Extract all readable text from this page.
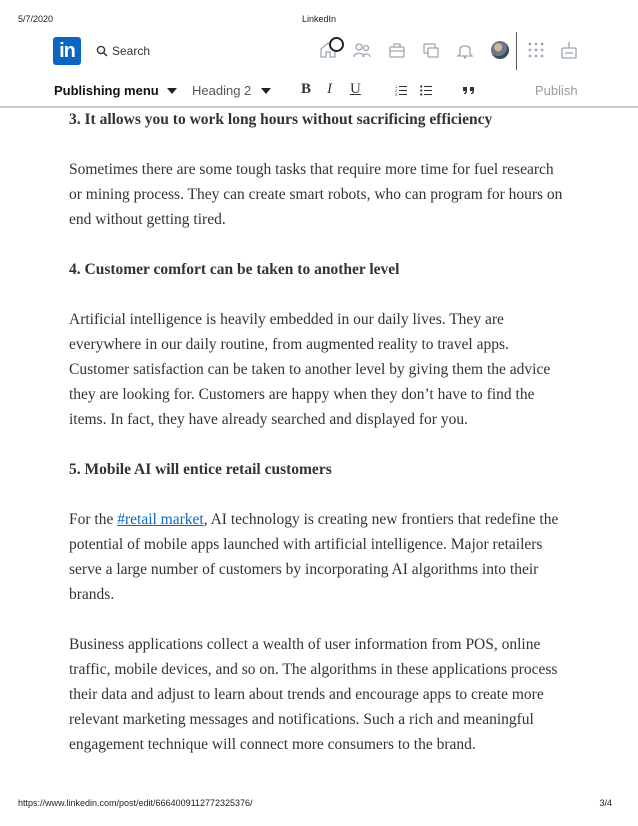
5/7/2020	LinkedIn
in	Search
Publishing menu	Heading 2	B I U	1
2
3	Publish
3. It allows you to work long hours without sacrificing efficiency

Sometimes there are some tough tasks that require more time for fuel research or mining process. They can create smart robots, who can program for hours on end without getting tired.

4. Customer comfort can be taken to another level

Artificial intelligence is heavily embedded in our daily lives. They are everywhere in our daily routine, from augmented reality to travel apps. Customer satisfaction can be taken to another level by giving them the advice they are looking for. Customers are happy when they don’t have to find the items. In fact, they have already searched and displayed for you.

5. Mobile AI will entice retail customers

For the #retail market, AI technology is creating new frontiers that redefine the potential of mobile apps launched with artificial intelligence. Major retailers serve a large number of customers by incorporating AI algorithms into their brands.

Business applications collect a wealth of user information from POS, online traffic, mobile devices, and so on. The algorithms in these applications process their data and adjust to learn about trends and encourage apps to create more relevant marketing messages and notifications. Such a rich and meaningful engagement technique will connect more consumers to the brand.

https://www.linkedin.com/post/edit/6664009112772325376/	3/4
